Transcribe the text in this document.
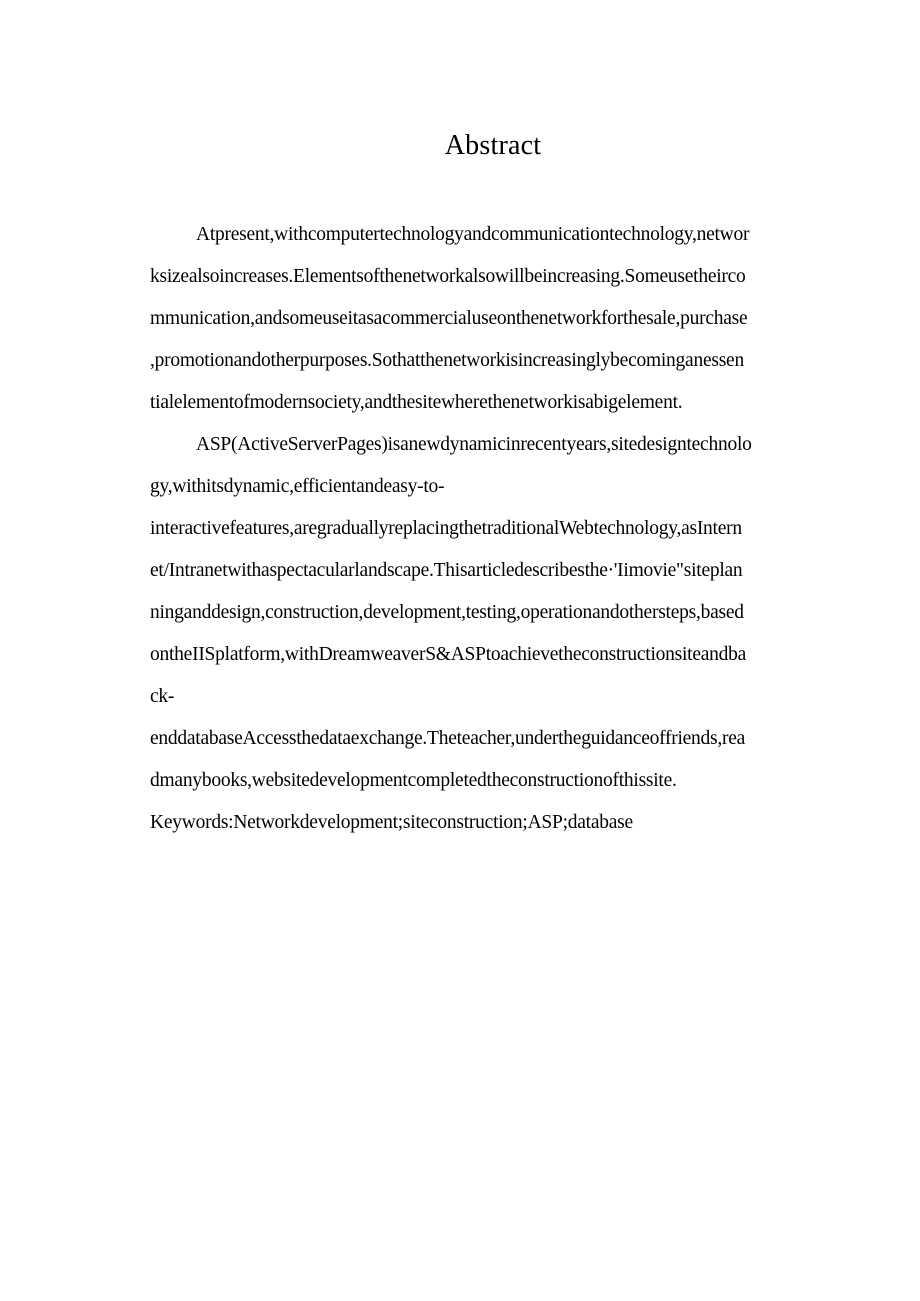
Abstract
Atpresent,withcomputertechnologyandcommunicationtechnology,networ
ksizealsoincreases.Elementsofthenetworkalsowillbeincreasing.Someusetheirco
mmunication,andsomeuseitasacommercialuseonthenetworkforthesale,purchase
,promotionandotherpurposes.Sothatthenetworkisincreasinglybecominganessen
tialelementofmodernsociety,andthesitewherethenetworkisabigelement.
ASP(ActiveServerPages)isanewdynamicinrecentyears,sitedesigntechnolo
gy,withitsdynamic,efficientandeasy-to-
interactivefeatures,aregraduallyreplacingthetraditionalWebtechnology,asIntern
et/Intranetwithaspectacularlandscape.Thisarticledescribesthe·'Iimovie"siteplan
ninganddesign,construction,development,testing,operationandothersteps,based
ontheIISplatform,withDreamweaverS&ASPtoachievetheconstructionsiteandba
ck-
enddatabaseAccessthedataexchange.Theteacher,undertheguidanceoffriends,rea
dmanybooks,websitedevelopmentcompletedtheconstructionofthissite.
Keywords:Networkdevelopment;siteconstruction;ASP;database
